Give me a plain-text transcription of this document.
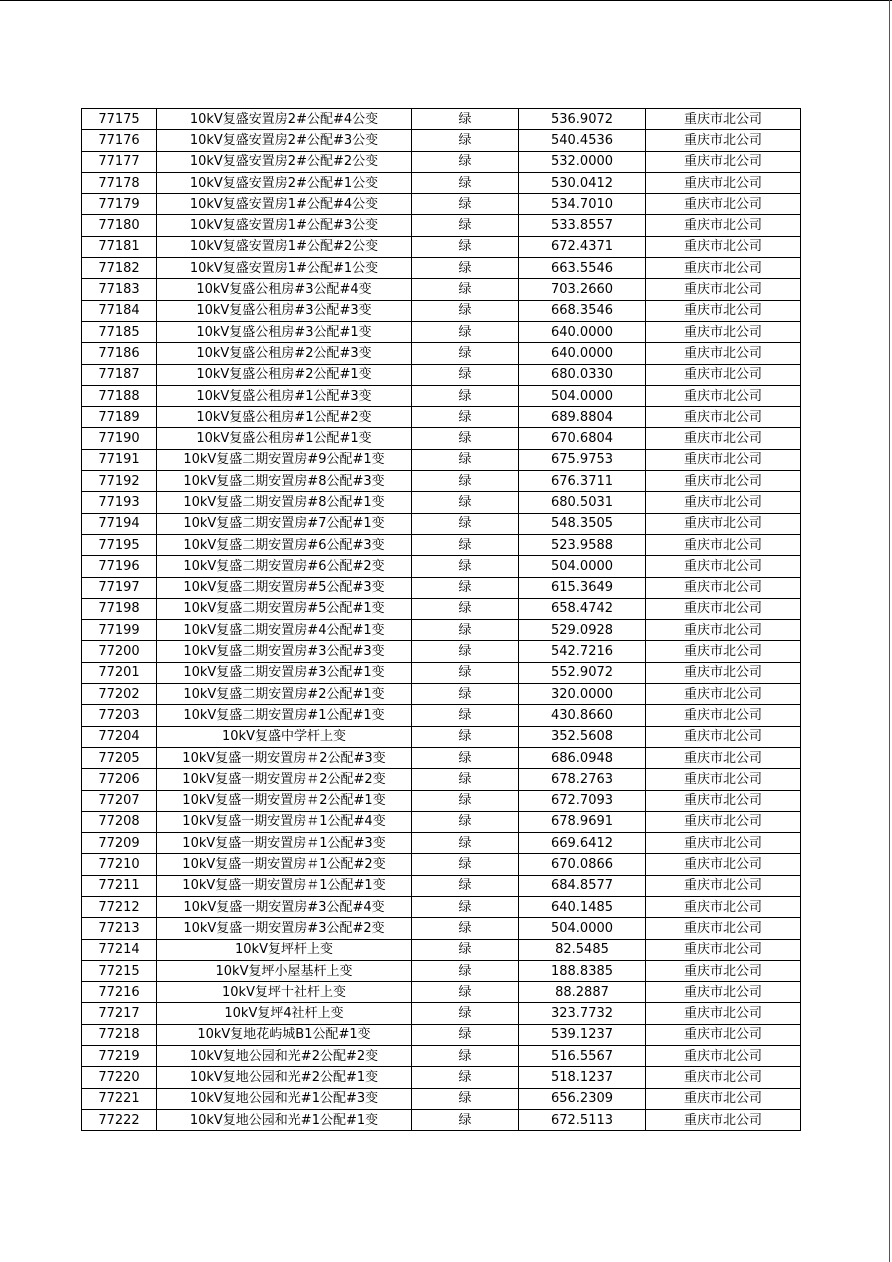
77175	10kV复盛安置房2#公配#4公变	绿	536.9072	重庆市北公司
77176	10kV复盛安置房2#公配#3公变	绿	540.4536	重庆市北公司
77177	10kV复盛安置房2#公配#2公变	绿	532.0000	重庆市北公司
77178	10kV复盛安置房2#公配#1公变	绿	530.0412	重庆市北公司
77179	10kV复盛安置房1#公配#4公变	绿	534.7010	重庆市北公司
77180	10kV复盛安置房1#公配#3公变	绿	533.8557	重庆市北公司
77181	10kV复盛安置房1#公配#2公变	绿	672.4371	重庆市北公司
77182	10kV复盛安置房1#公配#1公变	绿	663.5546	重庆市北公司
77183	10kV复盛公租房#3公配#4变	绿	703.2660	重庆市北公司
77184	10kV复盛公租房#3公配#3变	绿	668.3546	重庆市北公司
77185	10kV复盛公租房#3公配#1变	绿	640.0000	重庆市北公司
77186	10kV复盛公租房#2公配#3变	绿	640.0000	重庆市北公司
77187	10kV复盛公租房#2公配#1变	绿	680.0330	重庆市北公司
77188	10kV复盛公租房#1公配#3变	绿	504.0000	重庆市北公司
77189	10kV复盛公租房#1公配#2变	绿	689.8804	重庆市北公司
77190	10kV复盛公租房#1公配#1变	绿	670.6804	重庆市北公司
77191	10kV复盛二期安置房#9公配#1变	绿	675.9753	重庆市北公司
77192	10kV复盛二期安置房#8公配#3变	绿	676.3711	重庆市北公司
77193	10kV复盛二期安置房#8公配#1变	绿	680.5031	重庆市北公司
77194	10kV复盛二期安置房#7公配#1变	绿	548.3505	重庆市北公司
77195	10kV复盛二期安置房#6公配#3变	绿	523.9588	重庆市北公司
77196	10kV复盛二期安置房#6公配#2变	绿	504.0000	重庆市北公司
77197	10kV复盛二期安置房#5公配#3变	绿	615.3649	重庆市北公司
77198	10kV复盛二期安置房#5公配#1变	绿	658.4742	重庆市北公司
77199	10kV复盛二期安置房#4公配#1变	绿	529.0928	重庆市北公司
77200	10kV复盛二期安置房#3公配#3变	绿	542.7216	重庆市北公司
77201	10kV复盛二期安置房#3公配#1变	绿	552.9072	重庆市北公司
77202	10kV复盛二期安置房#2公配#1变	绿	320.0000	重庆市北公司
77203	10kV复盛二期安置房#1公配#1变	绿	430.8660	重庆市北公司
77204	10kV复盛中学杆上变	绿	352.5608	重庆市北公司
77205	10kV复盛一期安置房＃2公配#3变	绿	686.0948	重庆市北公司
77206	10kV复盛一期安置房＃2公配#2变	绿	678.2763	重庆市北公司
77207	10kV复盛一期安置房＃2公配#1变	绿	672.7093	重庆市北公司
77208	10kV复盛一期安置房＃1公配#4变	绿	678.9691	重庆市北公司
77209	10kV复盛一期安置房＃1公配#3变	绿	669.6412	重庆市北公司
77210	10kV复盛一期安置房＃1公配#2变	绿	670.0866	重庆市北公司
77211	10kV复盛一期安置房＃1公配#1变	绿	684.8577	重庆市北公司
77212	10kV复盛一期安置房#3公配#4变	绿	640.1485	重庆市北公司
77213	10kV复盛一期安置房#3公配#2变	绿	504.0000	重庆市北公司
77214	10kV复坪杆上变	绿	82.5485	重庆市北公司
77215	10kV复坪小屋基杆上变	绿	188.8385	重庆市北公司
77216	10kV复坪十社杆上变	绿	88.2887	重庆市北公司
77217	10kV复坪4社杆上变	绿	323.7732	重庆市北公司
77218	10kV复地花屿城B1公配#1变	绿	539.1237	重庆市北公司
77219	10kV复地公园和光#2公配#2变	绿	516.5567	重庆市北公司
77220	10kV复地公园和光#2公配#1变	绿	518.1237	重庆市北公司
77221	10kV复地公园和光#1公配#3变	绿	656.2309	重庆市北公司
77222	10kV复地公园和光#1公配#1变	绿	672.5113	重庆市北公司
